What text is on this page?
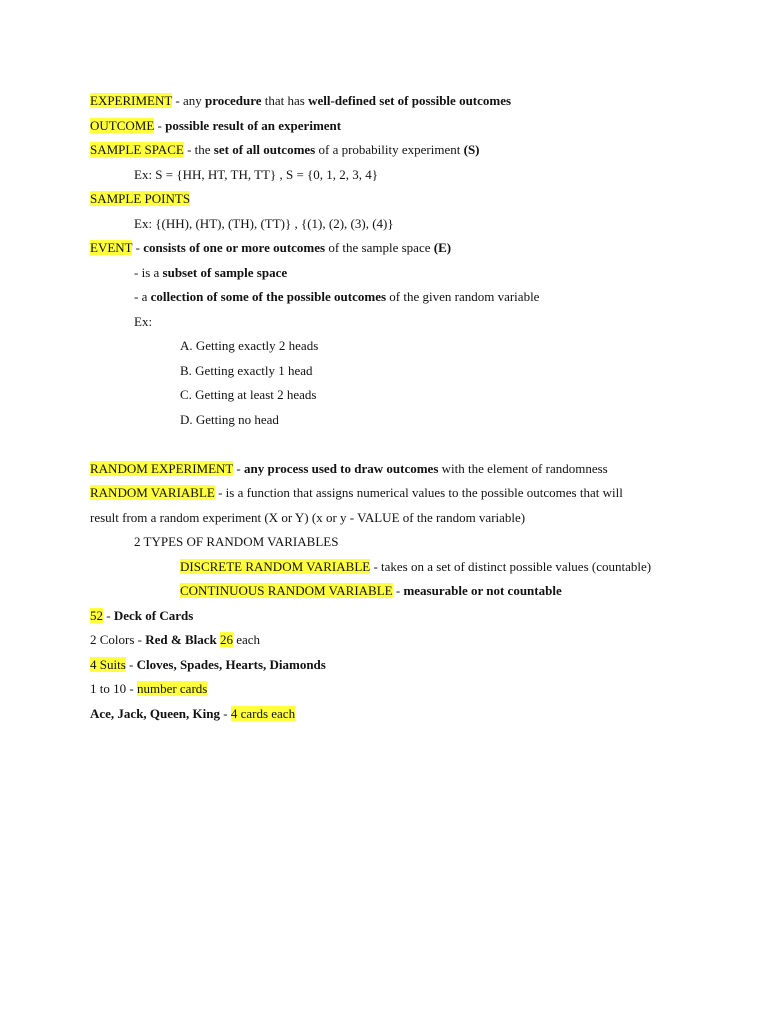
EXPERIMENT - any procedure that has well-defined set of possible outcomes
OUTCOME - possible result of an experiment
SAMPLE SPACE - the set of all outcomes of a probability experiment (S)
Ex: S = {HH, HT, TH, TT} , S = {0, 1, 2, 3, 4}
SAMPLE POINTS
Ex: {(HH), (HT), (TH), (TT)} , {(1), (2), (3), (4)}
EVENT - consists of one or more outcomes of the sample space (E)
- is a subset of sample space
- a collection of some of the possible outcomes of the given random variable
Ex:
A. Getting exactly 2 heads
B. Getting exactly 1 head
C. Getting at least 2 heads
D. Getting no head
RANDOM EXPERIMENT - any process used to draw outcomes with the element of randomness
RANDOM VARIABLE - is a function that assigns numerical values to the possible outcomes that will
result from a random experiment (X or Y) (x or y - VALUE of the random variable)
2 TYPES OF RANDOM VARIABLES
DISCRETE RANDOM VARIABLE - takes on a set of distinct possible values (countable)
CONTINUOUS RANDOM VARIABLE - measurable or not countable
52 - Deck of Cards
2 Colors - Red & Black 26 each
4 Suits - Cloves, Spades, Hearts, Diamonds
1 to 10 - number cards
Ace, Jack, Queen, King - 4 cards each
